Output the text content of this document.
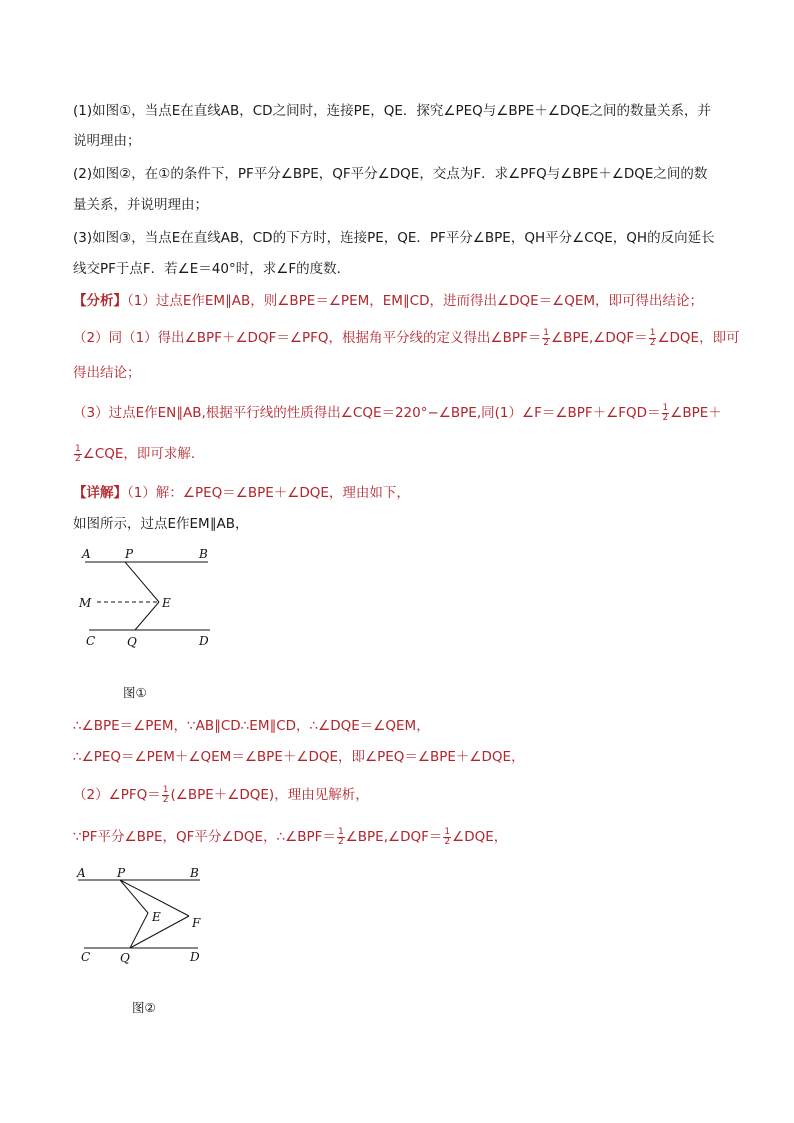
(1)如图①，当点E在直线AB，CD之间时，连接PE，QE．探究∠PEQ与∠BPE＋∠DQE之间的数量关系，并
说明理由；
(2)如图②，在①的条件下，PF平分∠BPE，QF平分∠DQE，交点为F．求∠PFQ与∠BPE＋∠DQE之间的数
量关系，并说明理由；
(3)如图③，当点E在直线AB，CD的下方时，连接PE，QE．PF平分∠BPE，QH平分∠CQE，QH的反向延长
线交PF于点F．若∠E＝40°时，求∠F的度数．
【分析】（1）过点E作EM∥AB，则∠BPE＝∠PEM，EM∥CD，进而得出∠DQE＝∠QEM，即可得出结论；
（2）同（1）得出∠BPF＋∠DQF＝∠PFQ，根据角平分线的定义得出∠BPF＝ $\frac{1}{2}$ ∠BPE,∠DQF＝ $\frac{1}{2}$ ∠DQE，即可
得出结论；
（3）过点E作EN∥AB,根据平行线的性质得出∠CQE＝220°−∠BPE,同(1）∠F＝∠BPF＋∠FQD＝ $\frac{1}{2}$ ∠BPE＋
$\frac{1}{2}$ ∠CQE，即可求解．
【详解】（1）解：∠PEQ＝∠BPE＋∠DQE，理由如下，
如图所示，过点E作EM∥AB，
A	P	B
M	E
C	Q	D
图①
∴∠BPE＝∠PEM，∵AB∥CD∴EM∥CD，∴∠DQE＝∠QEM，
∴∠PEQ＝∠PEM＋∠QEM＝∠BPE＋∠DQE，即∠PEQ＝∠BPE＋∠DQE，
（2）∠PFQ＝ $\frac{1}{2}$ (∠BPE＋∠DQE)，理由见解析，
∵PF平分∠BPE，QF平分∠DQE，∴∠BPF＝ $\frac{1}{2}$ ∠BPE,∠DQF＝ $\frac{1}{2}$ ∠DQE，
A	P	B
E	F
C Q	D
图②
